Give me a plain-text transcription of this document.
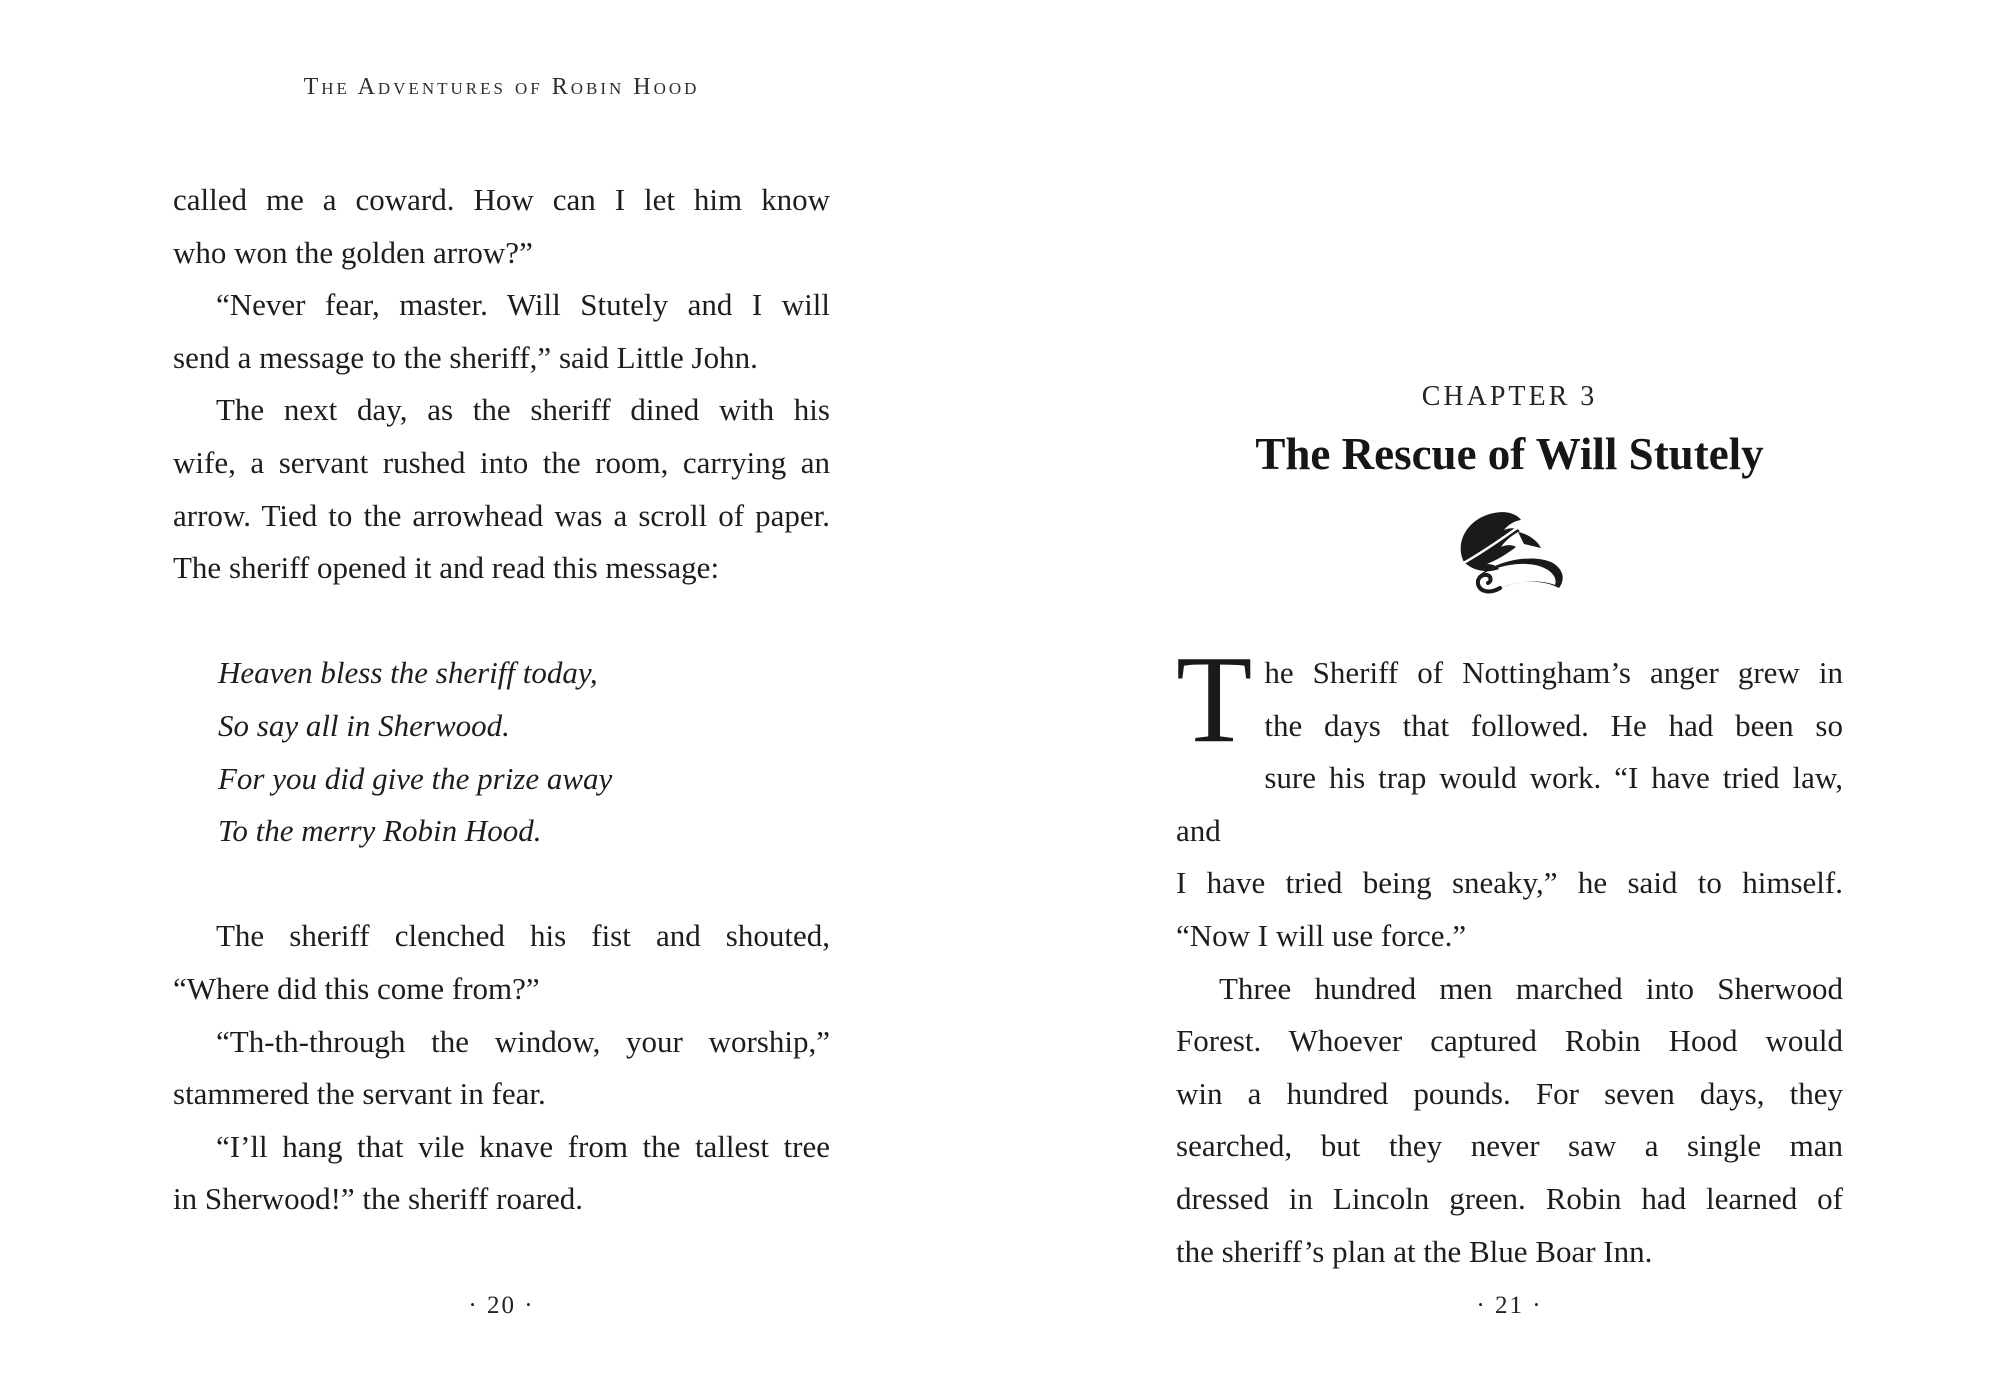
The Adventures of Robin Hood
called me a coward. How can I let him know
who won the golden arrow?”
“Never fear, master. Will Stutely and I will
send a message to the sheriff,” said Little John.
The next day, as the sheriff dined with his
wife, a servant rushed into the room, carrying an
arrow. Tied to the arrowhead was a scroll of paper.
The sheriff opened it and read this message:
Heaven bless the sheriff today,
So say all in Sherwood.
For you did give the prize away
To the merry Robin Hood.
The sheriff clenched his fist and shouted,
“Where did this come from?”
“Th-th-through the window, your worship,”
stammered the servant in fear.
“I’ll hang that vile knave from the tallest tree
in Sherwood!” the sheriff roared.
· 20 ·
CHAPTER 3
The Rescue of Will Stutely
T he Sheriff of Nottingham’s anger grew in
the days that followed. He had been so
sure his trap would work. “I have tried law, and
I have tried being sneaky,” he said to himself.
“Now I will use force.”
Three hundred men marched into Sherwood
Forest. Whoever captured Robin Hood would
win a hundred pounds. For seven days, they
searched, but they never saw a single man
dressed in Lincoln green. Robin had learned of
the sheriff’s plan at the Blue Boar Inn.
· 21 ·
